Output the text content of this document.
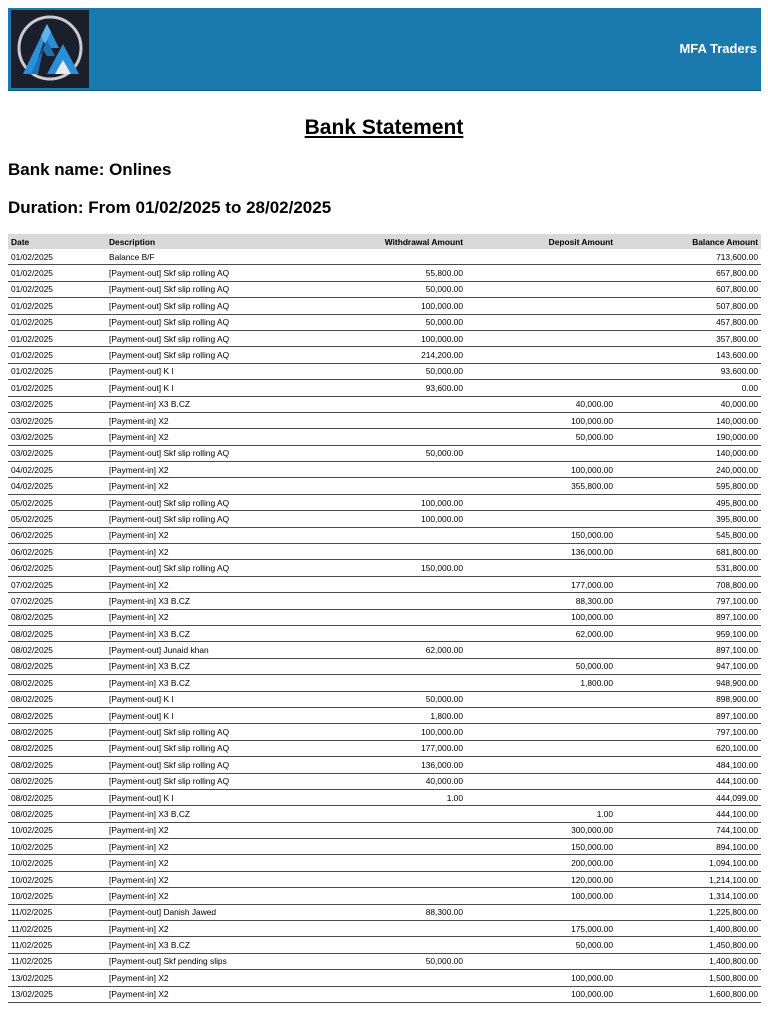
MFA Traders
Bank Statement
Bank name: Onlines
Duration: From 01/02/2025 to 28/02/2025
Date	Description	Withdrawal Amount	Deposit Amount	Balance Amount
01/02/2025	Balance B/F			713,600.00
01/02/2025	[Payment-out] Skf slip rolling AQ	55,800.00		657,800.00
01/02/2025	[Payment-out] Skf slip rolling AQ	50,000.00		607,800.00
01/02/2025	[Payment-out] Skf slip rolling AQ	100,000.00		507,800.00
01/02/2025	[Payment-out] Skf slip rolling AQ	50,000.00		457,800.00
01/02/2025	[Payment-out] Skf slip rolling AQ	100,000.00		357,800.00
01/02/2025	[Payment-out] Skf slip rolling AQ	214,200.00		143,600.00
01/02/2025	[Payment-out] K I	50,000.00		93,600.00
01/02/2025	[Payment-out] K I	93,600.00		0.00
03/02/2025	[Payment-in] X3 B.CZ		40,000.00	40,000.00
03/02/2025	[Payment-in] X2		100,000.00	140,000.00
03/02/2025	[Payment-in] X2		50,000.00	190,000.00
03/02/2025	[Payment-out] Skf slip rolling AQ	50,000.00		140,000.00
04/02/2025	[Payment-in] X2		100,000.00	240,000.00
04/02/2025	[Payment-in] X2		355,800.00	595,800.00
05/02/2025	[Payment-out] Skf slip rolling AQ	100,000.00		495,800.00
05/02/2025	[Payment-out] Skf slip rolling AQ	100,000.00		395,800.00
06/02/2025	[Payment-in] X2		150,000.00	545,800.00
06/02/2025	[Payment-in] X2		136,000.00	681,800.00
06/02/2025	[Payment-out] Skf slip rolling AQ	150,000.00		531,800.00
07/02/2025	[Payment-in] X2		177,000.00	708,800.00
07/02/2025	[Payment-in] X3 B.CZ		88,300.00	797,100.00
08/02/2025	[Payment-in] X2		100,000.00	897,100.00
08/02/2025	[Payment-in] X3 B.CZ		62,000.00	959,100.00
08/02/2025	[Payment-out] Junaid khan	62,000.00		897,100.00
08/02/2025	[Payment-in] X3 B.CZ		50,000.00	947,100.00
08/02/2025	[Payment-in] X3 B.CZ		1,800.00	948,900.00
08/02/2025	[Payment-out] K I	50,000.00		898,900.00
08/02/2025	[Payment-out] K I	1,800.00		897,100.00
08/02/2025	[Payment-out] Skf slip rolling AQ	100,000.00		797,100.00
08/02/2025	[Payment-out] Skf slip rolling AQ	177,000.00		620,100.00
08/02/2025	[Payment-out] Skf slip rolling AQ	136,000.00		484,100.00
08/02/2025	[Payment-out] Skf slip rolling AQ	40,000.00		444,100.00
08/02/2025	[Payment-out] K I	1.00		444,099.00
08/02/2025	[Payment-in] X3 B.CZ		1.00	444,100.00
10/02/2025	[Payment-in] X2		300,000.00	744,100.00
10/02/2025	[Payment-in] X2		150,000.00	894,100.00
10/02/2025	[Payment-in] X2		200,000.00	1,094,100.00
10/02/2025	[Payment-in] X2		120,000.00	1,214,100.00
10/02/2025	[Payment-in] X2		100,000.00	1,314,100.00
11/02/2025	[Payment-out] Danish Jawed	88,300.00		1,225,800.00
11/02/2025	[Payment-in] X2		175,000.00	1,400,800.00
11/02/2025	[Payment-in] X3 B.CZ		50,000.00	1,450,800.00
11/02/2025	[Payment-out] Skf pending slips	50,000.00		1,400,800.00
13/02/2025	[Payment-in] X2		100,000.00	1,500,800.00
13/02/2025	[Payment-in] X2		100,000.00	1,600,800.00
